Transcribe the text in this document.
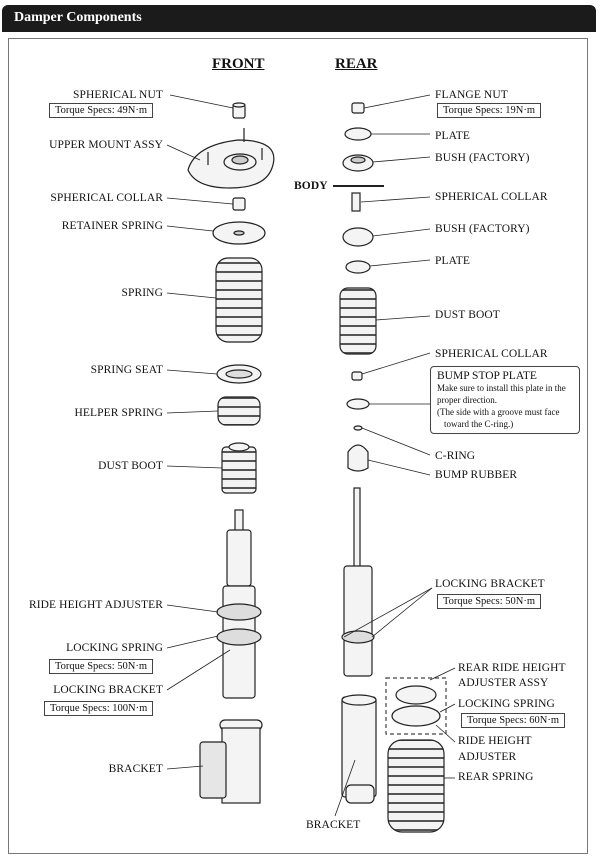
Damper Components
FRONT	REAR
BODY
SPHERICAL NUT
Torque Specs: 49N·m
UPPER MOUNT ASSY
SPHERICAL COLLAR
RETAINER SPRING
SPRING
SPRING SEAT
HELPER SPRING
DUST BOOT
RIDE HEIGHT ADJUSTER
LOCKING SPRING
Torque Specs: 50N·m
LOCKING BRACKET
Torque Specs: 100N·m
BRACKET
FLANGE NUT
Torque Specs: 19N·m
PLATE
BUSH (FACTORY)
SPHERICAL COLLAR
BUSH (FACTORY)
PLATE
DUST BOOT
SPHERICAL COLLAR
BUMP STOP PLATE
Make sure to install this plate in the
proper direction.
(The side with a groove must face
toward the C-ring.)
C-RING
BUMP RUBBER
LOCKING BRACKET
Torque Specs: 50N·m
REAR RIDE HEIGHT
ADJUSTER ASSY
LOCKING SPRING
Torque Specs: 60N·m
RIDE HEIGHT
ADJUSTER
REAR SPRING
BRACKET
